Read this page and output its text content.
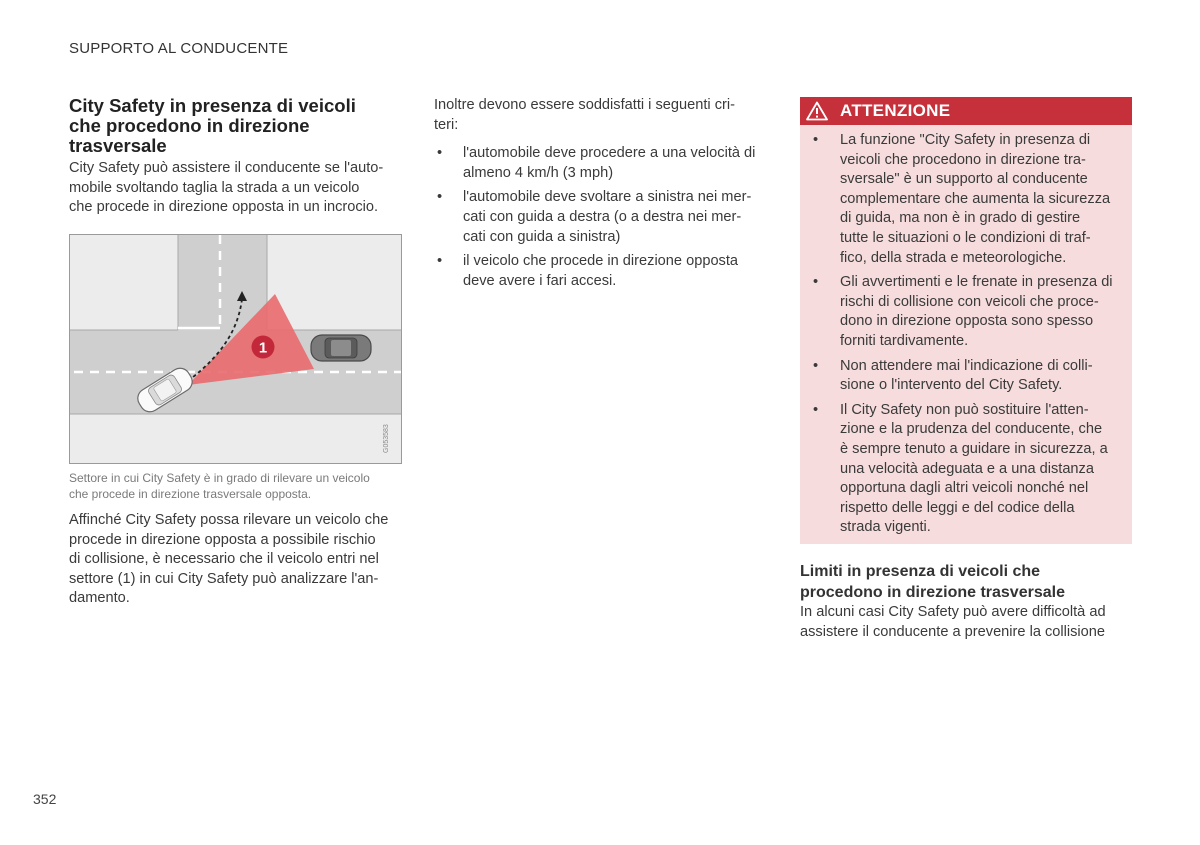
SUPPORTO AL CONDUCENTE
City Safety in presenza di veicoli
che procedono in direzione
trasversale
City Safety può assistere il conducente se l'auto-
mobile svoltando taglia la strada a un veicolo
che procede in direzione opposta in un incrocio.
1
G053583
Settore in cui City Safety è in grado di rilevare un veicolo
che procede in direzione trasversale opposta.
Affinché City Safety possa rilevare un veicolo che
procede in direzione opposta a possibile rischio
di collisione, è necessario che il veicolo entri nel
settore (1) in cui City Safety può analizzare l'an-
damento.
Inoltre devono essere soddisfatti i seguenti cri-
teri:
• l'automobile deve procedere a una velocità di
almeno 4 km/h (3 mph)
• l'automobile deve svoltare a sinistra nei mer-
cati con guida a destra (o a destra nei mer-
cati con guida a sinistra)
• il veicolo che procede in direzione opposta
deve avere i fari accesi.
ATTENZIONE
• La funzione "City Safety in presenza di
veicoli che procedono in direzione tra-
sversale" è un supporto al conducente
complementare che aumenta la sicurezza
di guida, ma non è in grado di gestire
tutte le situazioni o le condizioni di traf-
fico, della strada e meteorologiche.
• Gli avvertimenti e le frenate in presenza di
rischi di collisione con veicoli che proce-
dono in direzione opposta sono spesso
forniti tardivamente.
• Non attendere mai l'indicazione di colli-
sione o l'intervento del City Safety.
• Il City Safety non può sostituire l'atten-
zione e la prudenza del conducente, che
è sempre tenuto a guidare in sicurezza, a
una velocità adeguata e a una distanza
opportuna dagli altri veicoli nonché nel
rispetto delle leggi e del codice della
strada vigenti.
Limiti in presenza di veicoli che
procedono in direzione trasversale
In alcuni casi City Safety può avere difficoltà ad
assistere il conducente a prevenire la collisione
352
